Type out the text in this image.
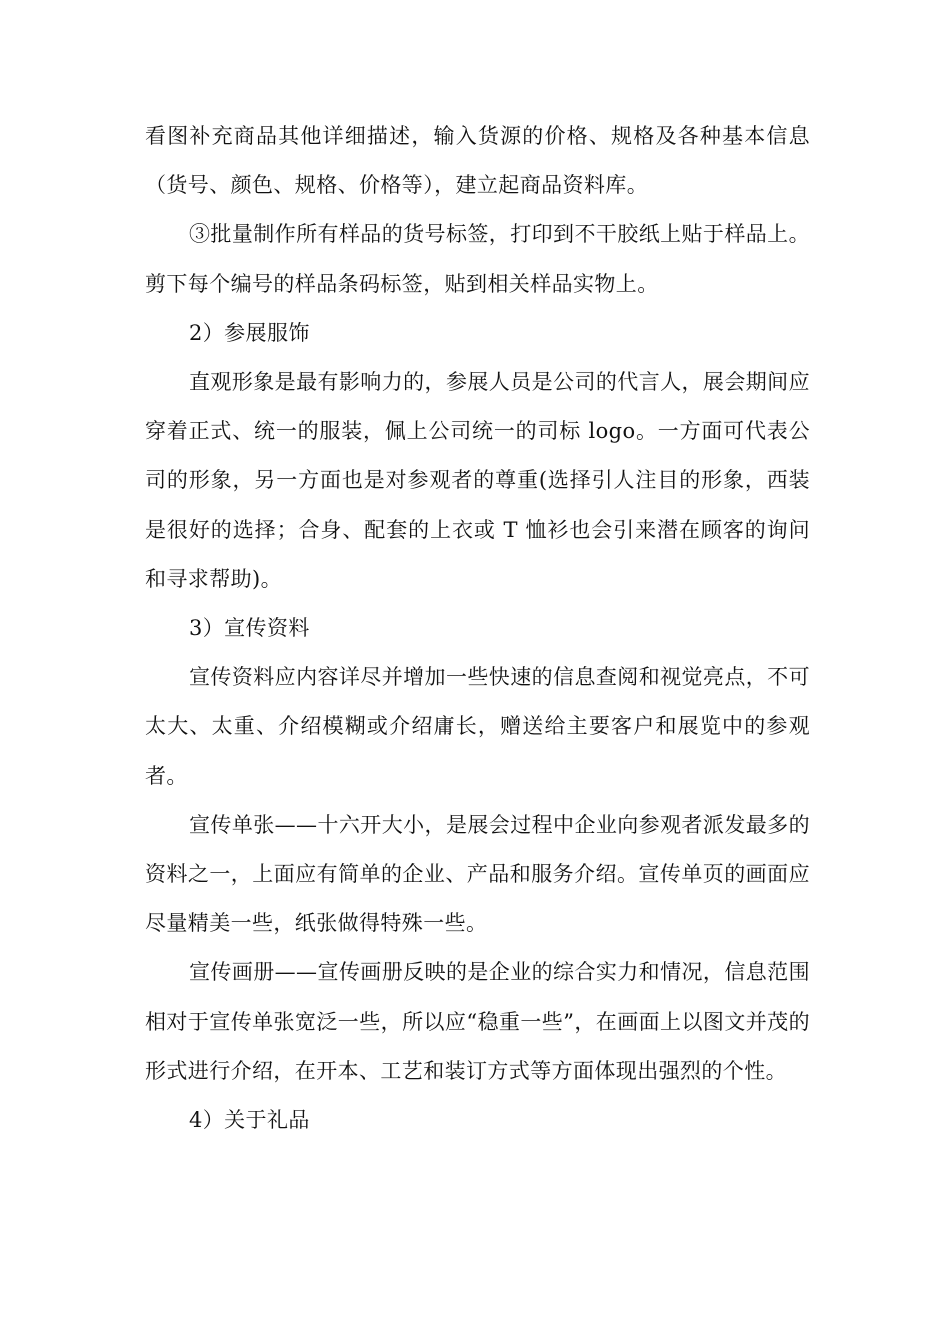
看图补充商品其他详细描述，输入货源的价格、规格及各种基本信息（货号、颜色、规格、价格等），建立起商品资料库。

③批量制作所有样品的货号标签，打印到不干胶纸上贴于样品上。剪下每个编号的样品条码标签，贴到相关样品实物上。

2）参展服饰

直观形象是最有影响力的，参展人员是公司的代言人，展会期间应穿着正式、统一的服装，佩上公司统一的司标 logo。一方面可代表公司的形象，另一方面也是对参观者的尊重(选择引人注目的形象，西装是很好的选择；合身、配套的上衣或 T 恤衫也会引来潜在顾客的询问和寻求帮助)。

3）宣传资料

宣传资料应内容详尽并增加一些快速的信息查阅和视觉亮点，不可太大、太重、介绍模糊或介绍庸长，赠送给主要客户和展览中的参观者。

宣传单张——十六开大小，是展会过程中企业向参观者派发最多的资料之一，上面应有简单的企业、产品和服务介绍。宣传单页的画面应尽量精美一些，纸张做得特殊一些。

宣传画册——宣传画册反映的是企业的综合实力和情况，信息范围相对于宣传单张宽泛一些，所以应“稳重一些”，在画面上以图文并茂的形式进行介绍，在开本、工艺和装订方式等方面体现出强烈的个性。

4）关于礼品
